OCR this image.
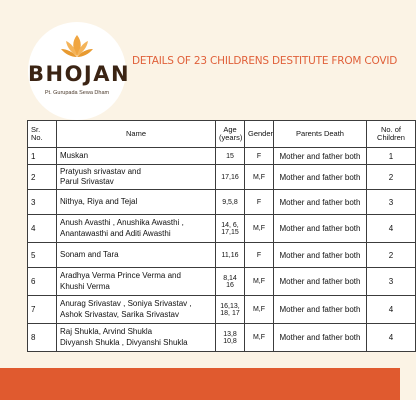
BHOJAN
Pt. Gurupada Sewa Dham
DETAILS OF 23 CHILDRENS DESTITUTE FROM COVID
Sr. No.	Name	Age (years)	Gender	Parents Death	No. of Children
1	Muskan	15	F	Mother and father both	1
2	Pratyush srivastav and
Parul Srivastav	17,16	M,F	Mother and father both	2
3	Nithya, Riya and Tejal	9,5,8	F	Mother and father both	3
4	Anush Avasthi , Anushika Awasthi ,
Anantawasthi and Aditi Awasthi	14, 6,
17,15	M,F	Mother and father both	4
5	Sonam and Tara	11,16	F	Mother and father both	2
6	Aradhya Verma Prince Verma and
Khushi Verma	8,14
16	M,F	Mother and father both	3
7	Anurag Srivastav , Soniya Srivastav ,
Ashok Srivastav, Sarika Srivastav	16,13,
18, 17	M,F	Mother and father both	4
8	Raj Shukla, Arvind Shukla
Divyansh Shukla , Divyanshi Shukla	13,8
10,8	M,F	Mother and father both	4
